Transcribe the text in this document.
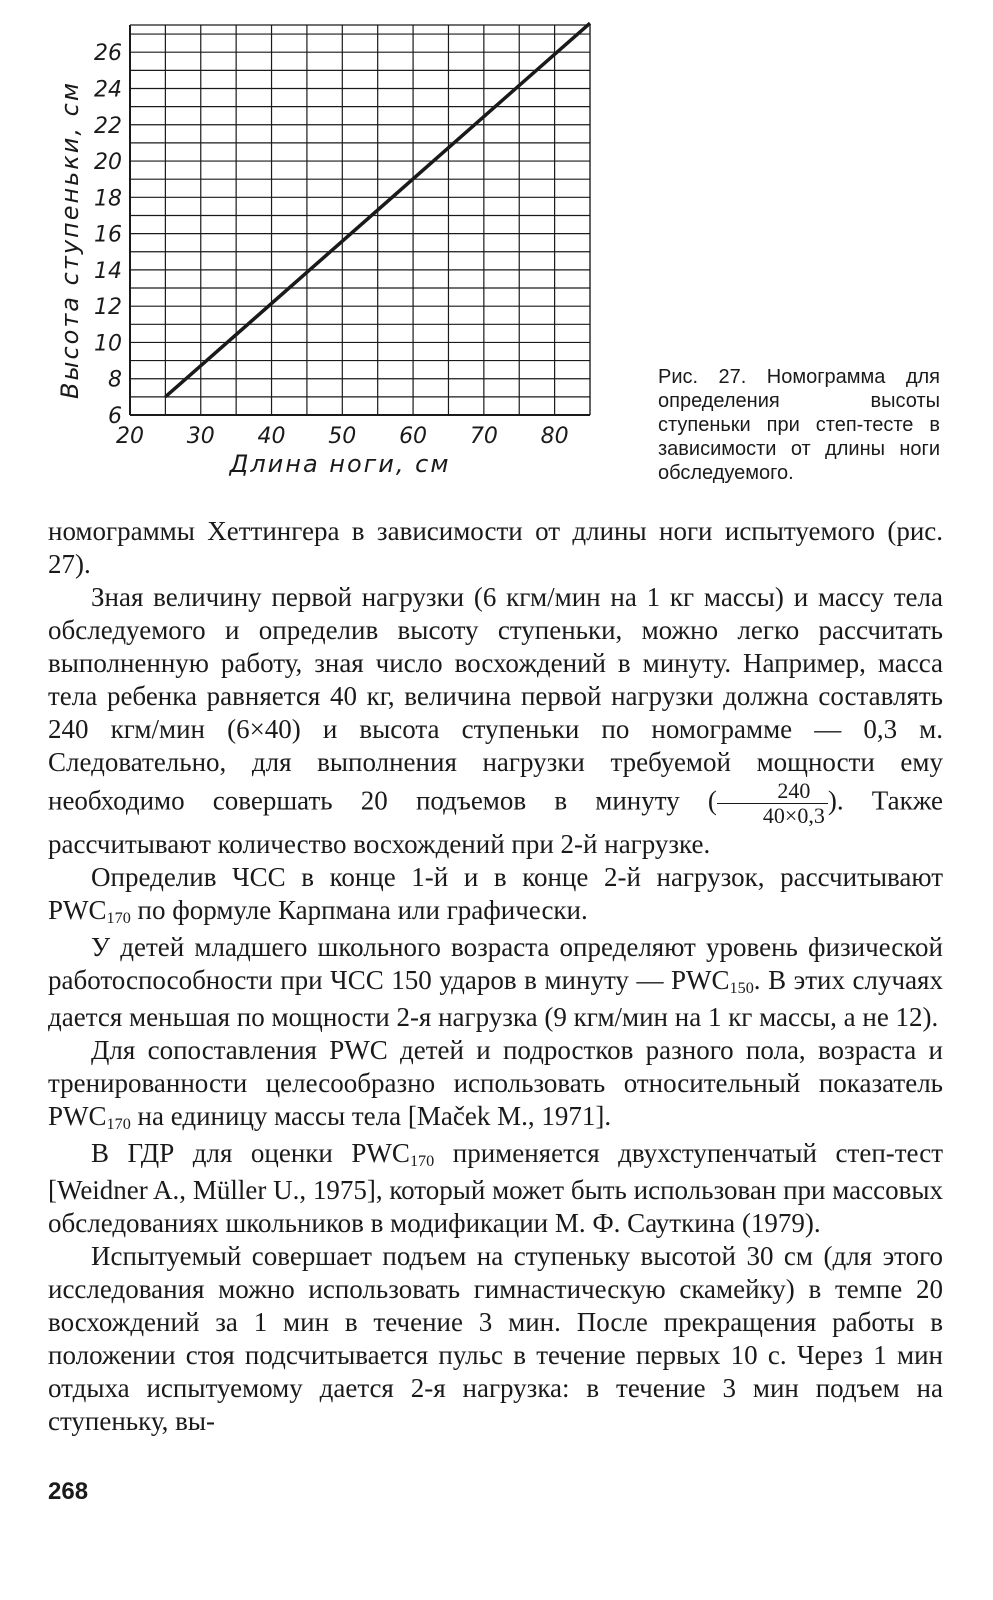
20 30 40 50 60 70 80
6
8
10
12
14
16
18
20
22
24
26
Длина ноги, см
Высота ступеньки, см	Рис. 27. Номограмма для определения высоты ступеньки при степ-тесте в зависимости от длины ноги обследуемого.

номограммы Хеттингера в зависимости от длины ноги испытуемого (рис. 27).

Зная величину первой нагрузки (6 кгм/мин на 1 кг массы) и массу тела обследуемого и определив высоту ступеньки, можно легко рассчитать выполненную работу, зная число восхождений в минуту. Например, масса тела ребенка равняется 40 кг, величина первой нагрузки должна составлять 240 кгм/мин (6×40) и высота ступеньки по номограмме — 0,3 м. Следовательно, для выполнения нагрузки требуемой мощности ему необходимо совершать 20 подъемов в минуту ( $\frac{240}{40\times 0,3}$ ). Также рассчитывают количество восхождений при 2-й нагрузке.

Определив ЧСС в конце 1-й и в конце 2-й нагрузок, рассчитывают $PWC_{170}$ по формуле Карпмана или графически.

У детей младшего школьного возраста определяют уровень физической работоспособности при ЧСС 150 ударов в минуту — $PWC_{150}$. В этих случаях дается меньшая по мощности 2-я нагрузка (9 кгм/мин на 1 кг массы, а не 12).

Для сопоставления PWC детей и подростков разного пола, возраста и тренированности целесообразно использовать относительный показатель $PWC_{170}$ на единицу массы тела [Мaček M., 1971].

В ГДР для оценки $PWC_{170}$ применяется двухступенчатый степ-тест [Weidner A., Müller U., 1975], который может быть использован при массовых обследованиях школьников в модификации М. Ф. Сауткина (1979).

Испытуемый совершает подъем на ступеньку высотой 30 см (для этого исследования можно использовать гимнастическую скамейку) в темпе 20 восхождений за 1 мин в течение 3 мин. После прекращения работы в положении стоя подсчитывается пульс в течение первых 10 с. Через 1 мин отдыха испытуемому дается 2-я нагрузка: в течение 3 мин подъем на ступеньку, вы-

268
